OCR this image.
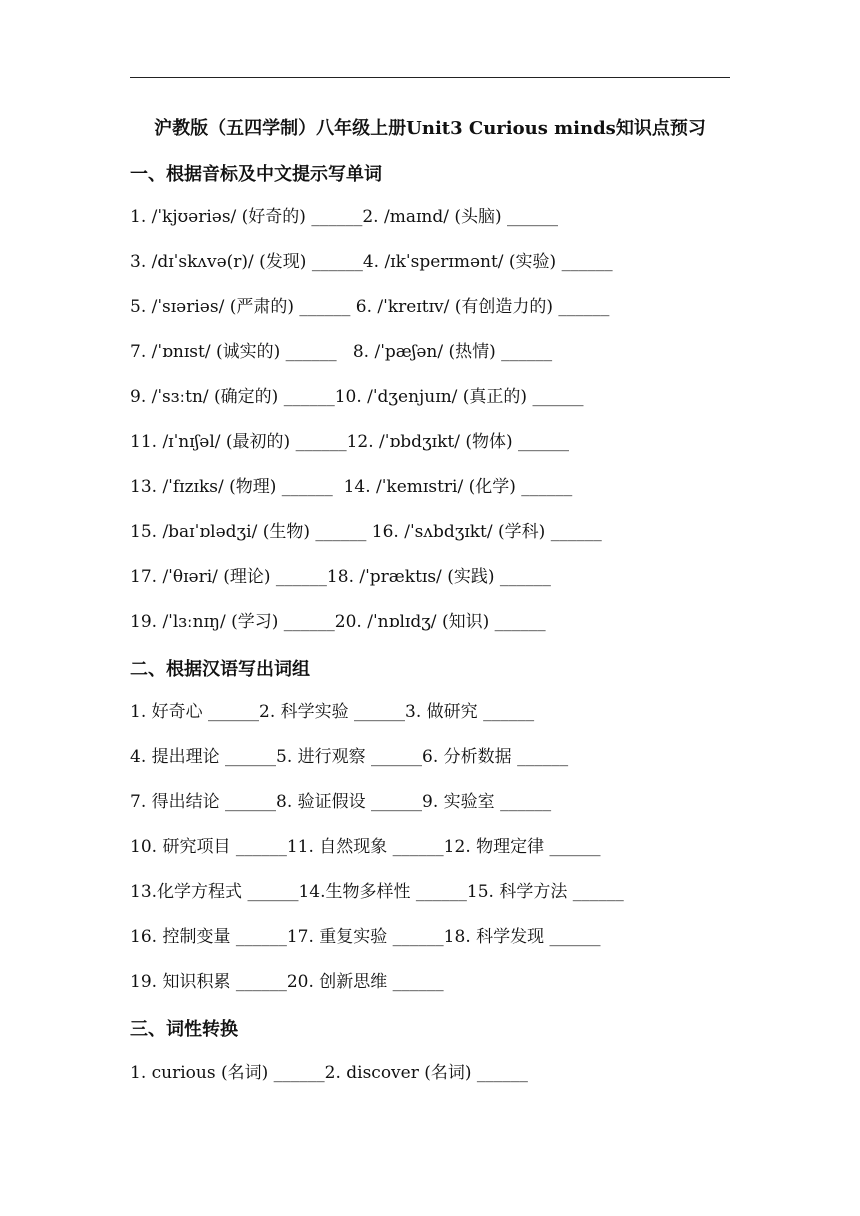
沪教版（五四学制）八年级上册Unit3 Curious minds知识点预习
一、根据音标及中文提示写单词
1. /ˈkjʊəriəs/ (好奇的) ______2. /maɪnd/ (头脑) ______
3. /dɪˈskʌvə(r)/ (发现) ______4. /ɪkˈsperɪmənt/ (实验) ______
5. /ˈsɪəriəs/ (严肃的) ______ 6. /ˈkreɪtɪv/ (有创造力的) ______
7. /ˈɒnɪst/ (诚实的) ______   8. /ˈpæʃən/ (热情) ______
9. /ˈsɜːtn/ (确定的) ______10. /ˈdʒenjuɪn/ (真正的) ______
11. /ɪˈnɪʃəl/ (最初的) ______12. /ˈɒbdʒɪkt/ (物体) ______
13. /ˈfɪzɪks/ (物理) ______  14. /ˈkemɪstri/ (化学) ______
15. /baɪˈɒlədʒi/ (生物) ______ 16. /ˈsʌbdʒɪkt/ (学科) ______
17. /ˈθɪəri/ (理论) ______18. /ˈpræktɪs/ (实践) ______
19. /ˈlɜːnɪŋ/ (学习) ______20. /ˈnɒlɪdʒ/ (知识) ______
二、根据汉语写出词组
1. 好奇心 ______2. 科学实验 ______3. 做研究 ______
4. 提出理论 ______5. 进行观察 ______6. 分析数据 ______
7. 得出结论 ______8. 验证假设 ______9. 实验室 ______
10. 研究项目 ______11. 自然现象 ______12. 物理定律 ______
13.化学方程式 ______14.生物多样性 ______15. 科学方法 ______
16. 控制变量 ______17. 重复实验 ______18. 科学发现 ______
19. 知识积累 ______20. 创新思维 ______
三、词性转换
1. curious (名词) ______2. discover (名词) ______
